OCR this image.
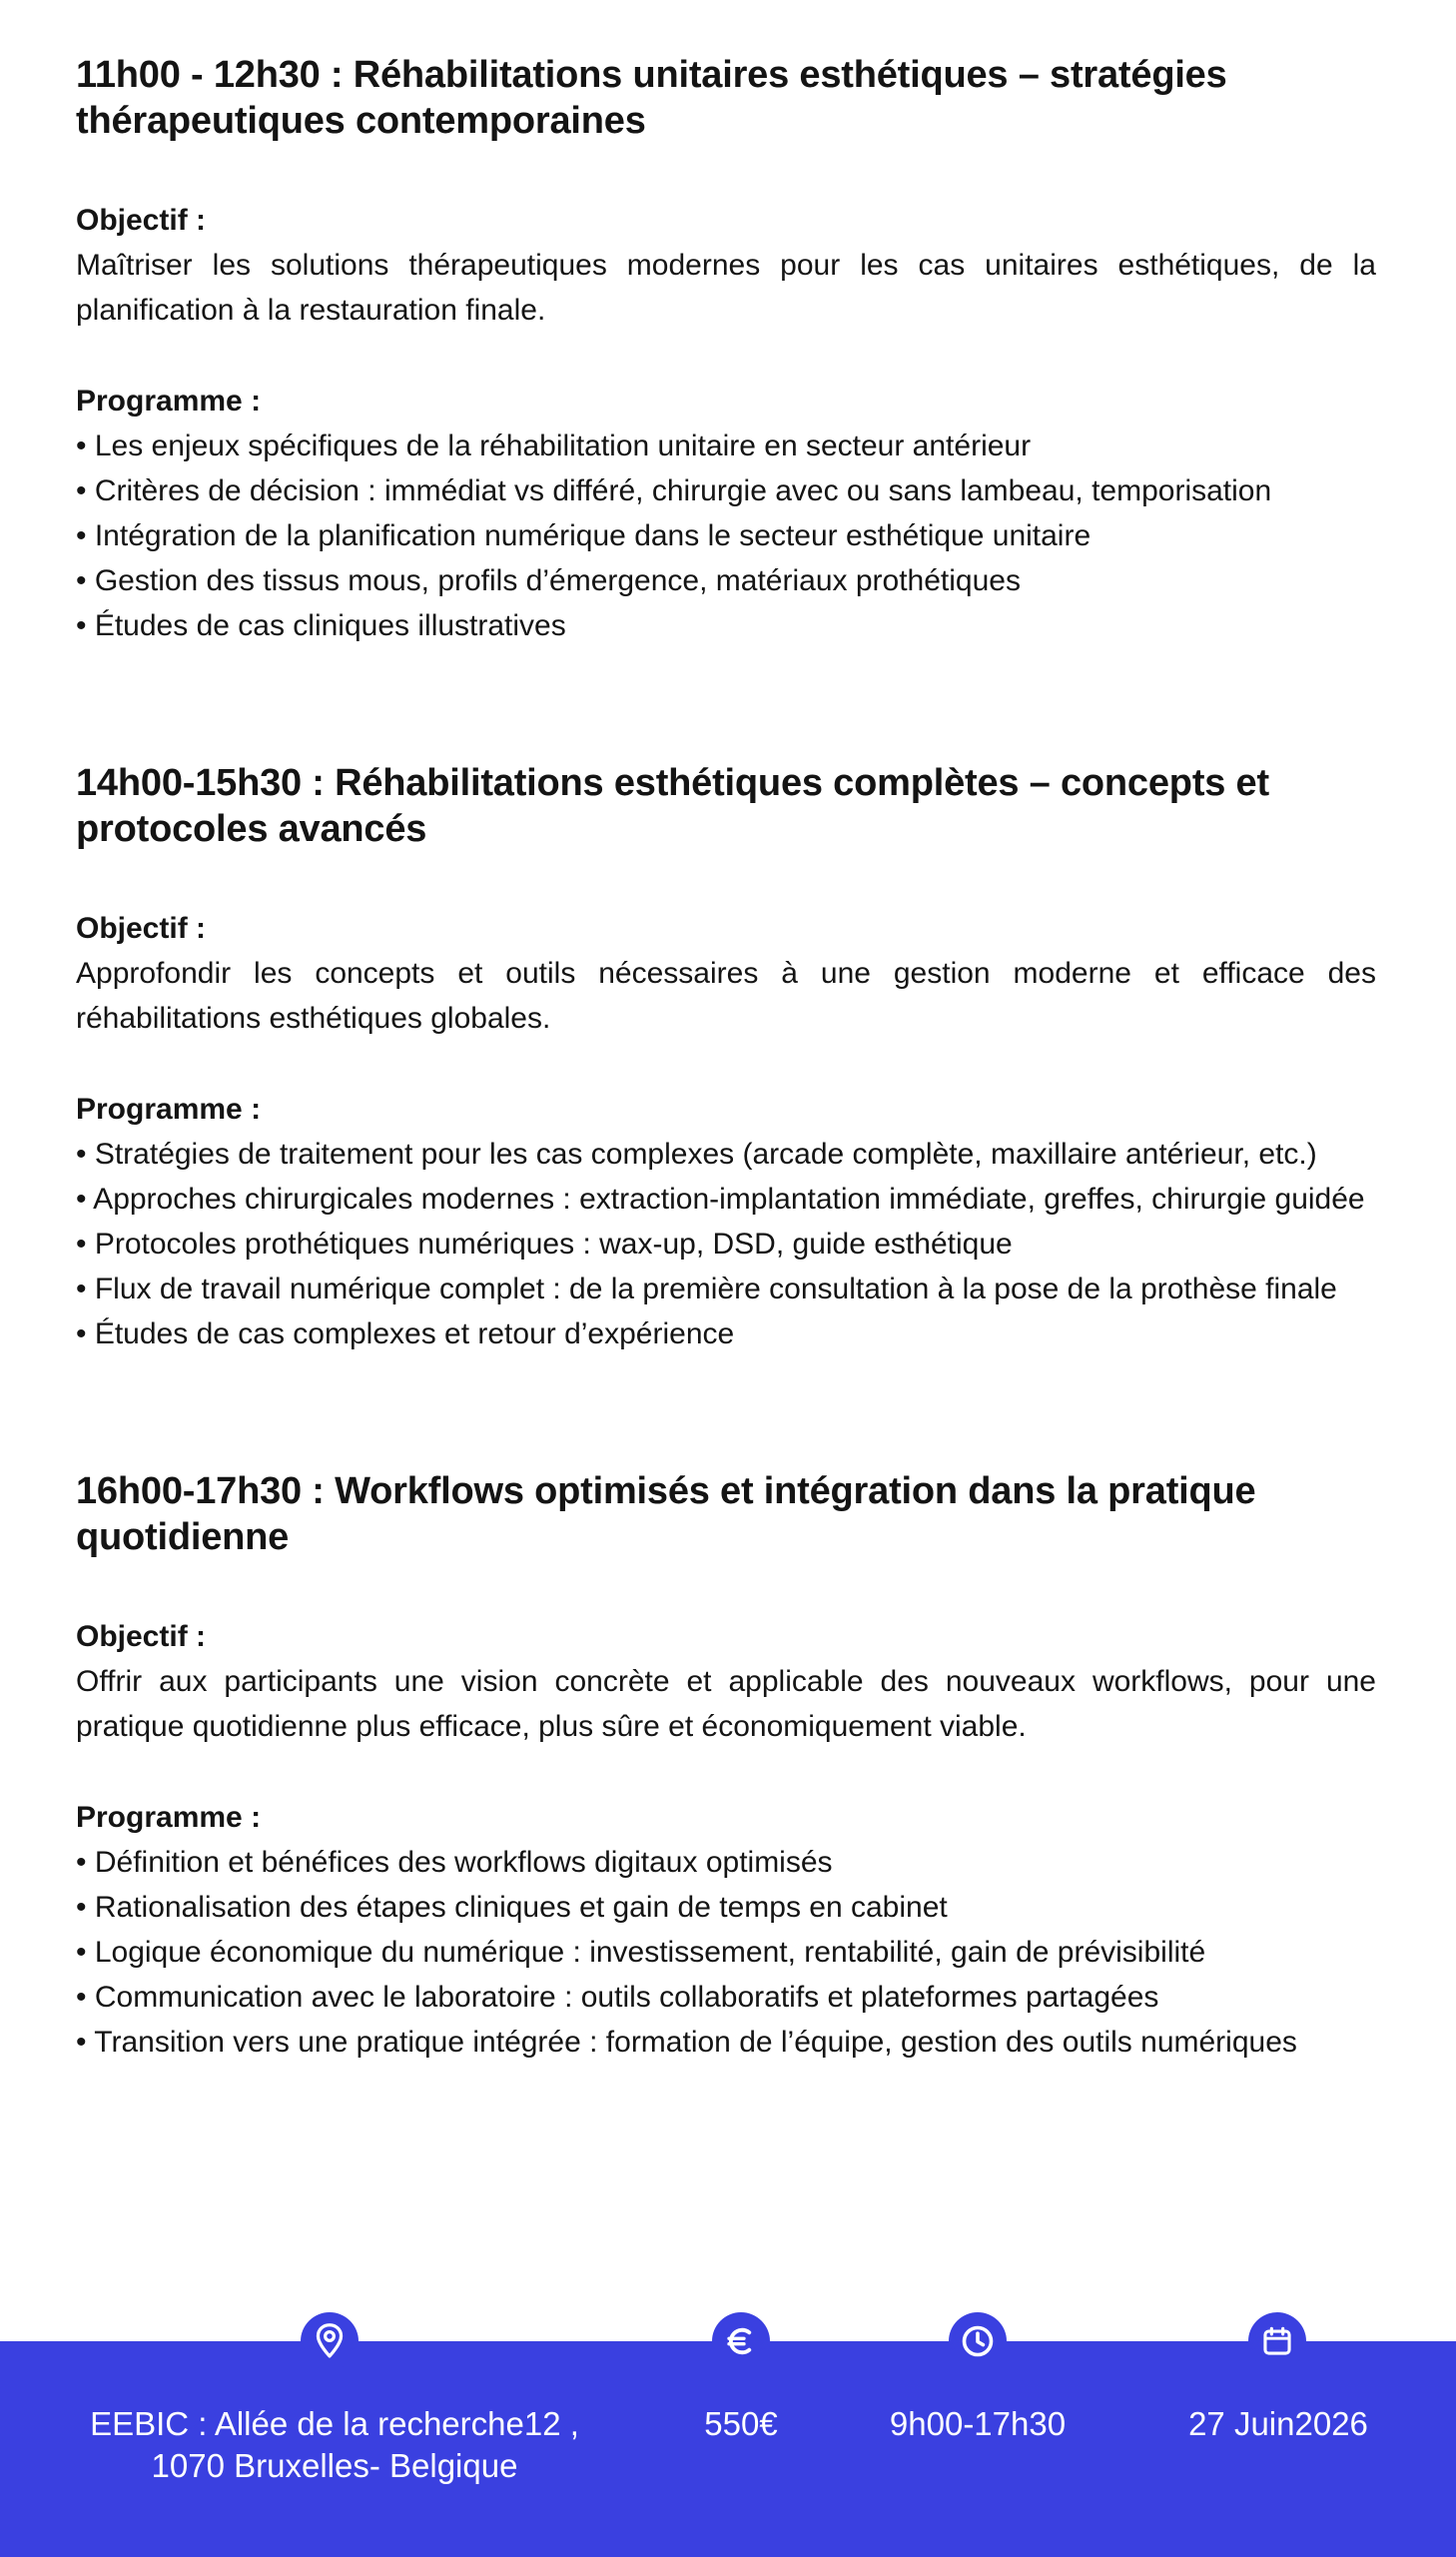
11h00 - 12h30 : Réhabilitations unitaires esthétiques – stratégies thérapeutiques contemporaines

Objectif :

Maîtriser les solutions thérapeutiques modernes pour les cas unitaires esthétiques, de la planification à la restauration finale.

Programme :

• Les enjeux spécifiques de la réhabilitation unitaire en secteur antérieur
• Critères de décision : immédiat vs différé, chirurgie avec ou sans lambeau, temporisation
• Intégration de la planification numérique dans le secteur esthétique unitaire
• Gestion des tissus mous, profils d’émergence, matériaux prothétiques
• Études de cas cliniques illustratives
14h00-15h30 : Réhabilitations esthétiques complètes – concepts et protocoles avancés

Objectif :

Approfondir les concepts et outils nécessaires à une gestion moderne et efficace des réhabilitations esthétiques globales.

Programme :

• Stratégies de traitement pour les cas complexes (arcade complète, maxillaire antérieur, etc.)
• Approches chirurgicales modernes : extraction-implantation immédiate, greffes, chirurgie guidée
• Protocoles prothétiques numériques : wax-up, DSD, guide esthétique
• Flux de travail numérique complet : de la première consultation à la pose de la prothèse finale
• Études de cas complexes et retour d’expérience
16h00-17h30 : Workflows optimisés et intégration dans la pratique quotidienne

Objectif :

Offrir aux participants une vision concrète et applicable des nouveaux workflows, pour une pratique quotidienne plus efficace, plus sûre et économiquement viable.

Programme :

• Définition et bénéfices des workflows digitaux optimisés
• Rationalisation des étapes cliniques et gain de temps en cabinet
• Logique économique du numérique : investissement, rentabilité, gain de prévisibilité
• Communication avec le laboratoire : outils collaboratifs et plateformes partagées
• Transition vers une pratique intégrée : formation de l’équipe, gestion des outils numériques
EEBIC : Allée de la recherche12 ,
1070 Bruxelles- Belgique
550€	9h00-17h30	27 Juin2026
